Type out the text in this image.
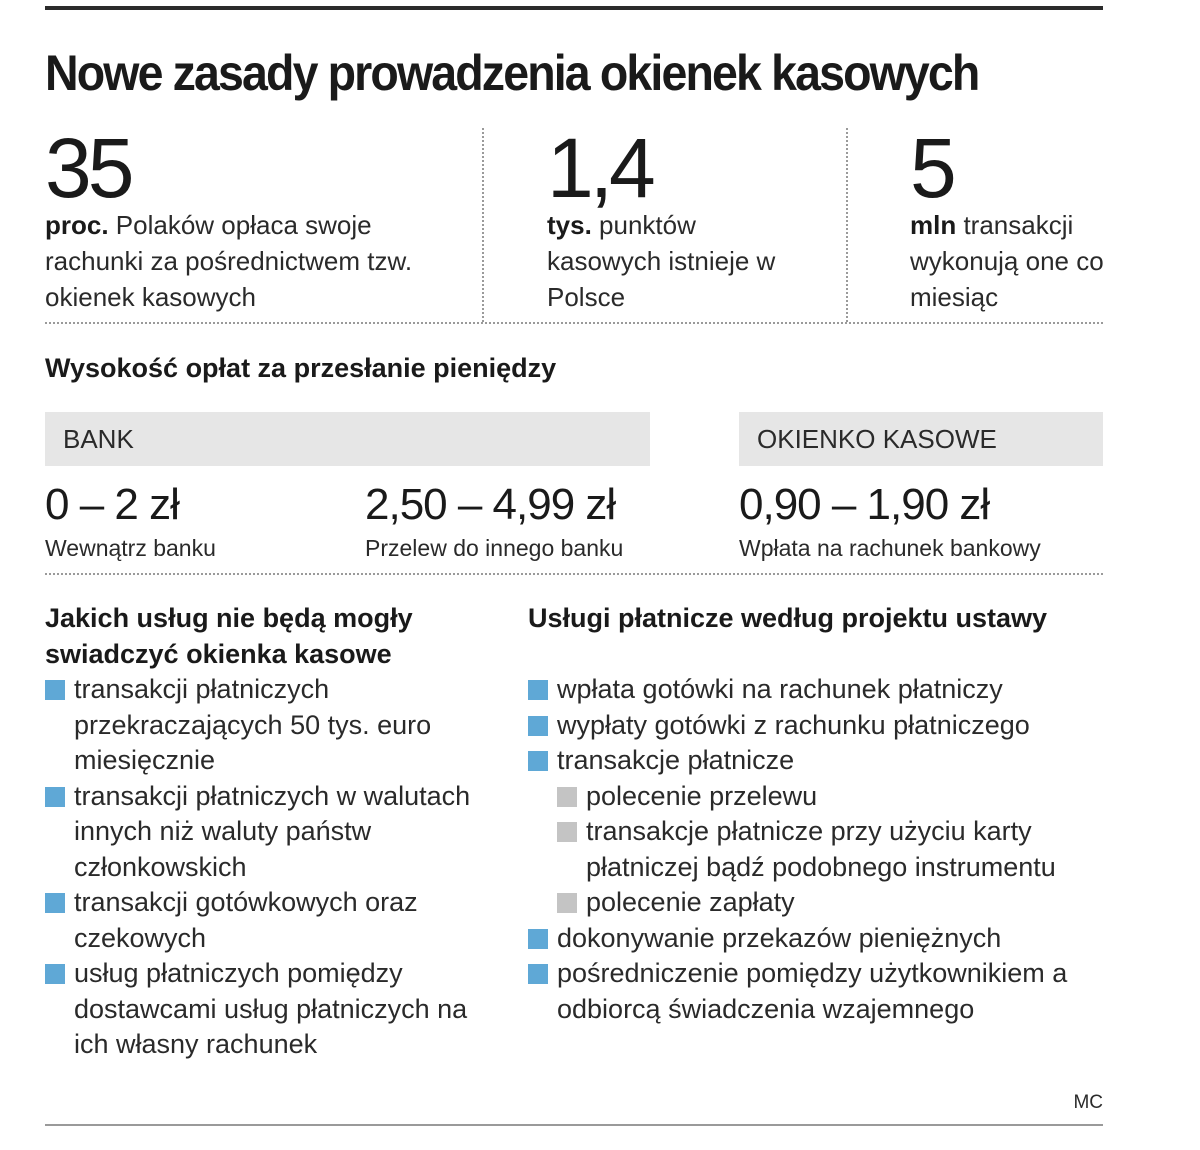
Nowe zasady prowadzenia okienek kasowych
35
proc. Polaków opłaca swoje rachunki za pośrednictwem tzw. okienek kasowych
1,4
tys. punktów kasowych istnieje w Polsce
5
mln transakcji wykonują one co miesiąc
Wysokość opłat za przesłanie pieniędzy
BANK	OKIENKO KASOWE
0 – 2 zł
Wewnątrz banku
2,50 – 4,99 zł
Przelew do innego banku
0,90 – 1,90 zł
Wpłata na rachunek bankowy
Jakich usług nie będą mogły swiadczyć okienka kasowe
transakcji płatniczych przekraczających 50 tys. euro miesięcznie
transakcji płatniczych w walutach innych niż waluty państw członkowskich
transakcji gotówkowych oraz czekowych
usług płatniczych pomiędzy dostawcami usług płatniczych na ich własny rachunek
Usługi płatnicze według projektu ustawy
wpłata gotówki na rachunek płatniczy
wypłaty gotówki z rachunku płatniczego
transakcje płatnicze
polecenie przelewu
transakcje płatnicze przy użyciu karty płatniczej bądź podobnego instrumentu
polecenie zapłaty
dokonywanie przekazów pieniężnych
pośredniczenie pomiędzy użytkownikiem a odbiorcą świadczenia wzajemnego
MC
